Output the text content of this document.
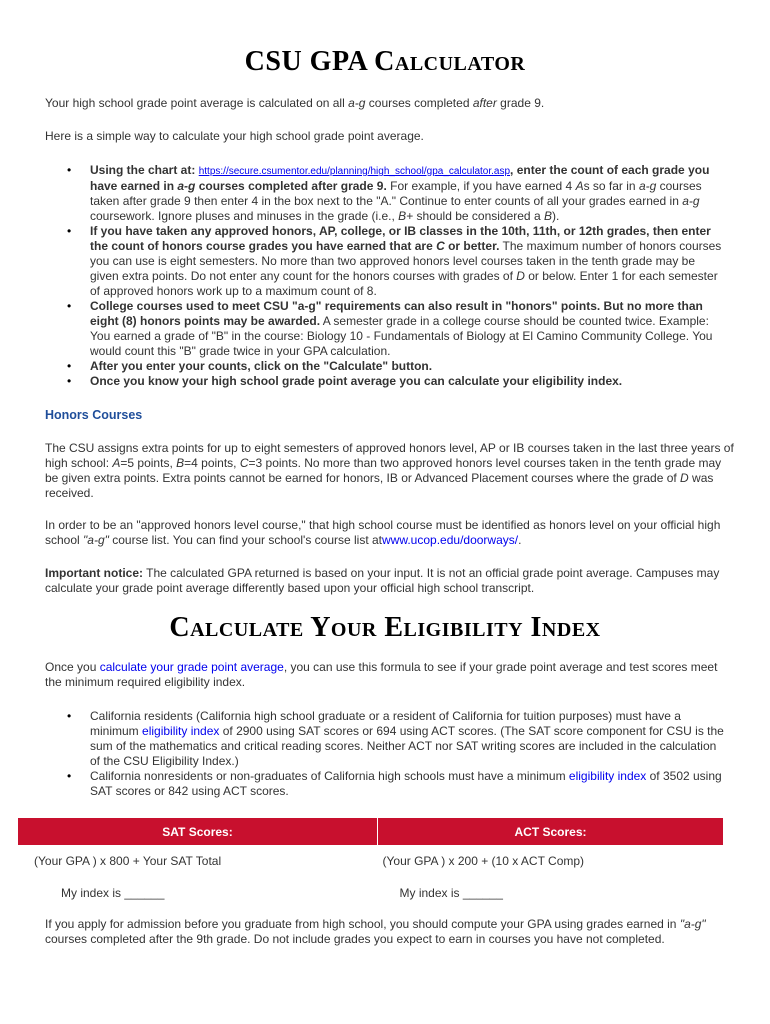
CSU GPA Calculator

Your high school grade point average is calculated on all a-g courses completed after grade 9.

Here is a simple way to calculate your high school grade point average.

• Using the chart at: https://secure.csumentor.edu/planning/high_school/gpa_calculator.asp, enter the count of each grade you have earned in a-g courses completed after grade 9. For example, if you have earned 4 As so far in a-g courses taken after grade 9 then enter 4 in the box next to the "A." Continue to enter counts of all your grades earned in a-g coursework. Ignore pluses and minuses in the grade (i.e., B+ should be considered a B).
• If you have taken any approved honors, AP, college, or IB classes in the 10th, 11th, or 12th grades, then enter the count of honors course grades you have earned that are C or better. The maximum number of honors courses you can use is eight semesters. No more than two approved honors level courses taken in the tenth grade may be given extra points. Do not enter any count for the honors courses with grades of D or below. Enter 1 for each semester of approved honors work up to a maximum count of 8.
• College courses used to meet CSU "a-g" requirements can also result in "honors" points. But no more than eight (8) honors points may be awarded. A semester grade in a college course should be counted twice. Example: You earned a grade of "B" in the course: Biology 10 - Fundamentals of Biology at El Camino Community College. You would count this "B" grade twice in your GPA calculation.
• After you enter your counts, click on the "Calculate" button.
• Once you know your high school grade point average you can calculate your eligibility index.
Honors Courses

The CSU assigns extra points for up to eight semesters of approved honors level, AP or IB courses taken in the last three years of high school: A=5 points, B=4 points, C=3 points. No more than two approved honors level courses taken in the tenth grade may be given extra points. Extra points cannot be earned for honors, IB or Advanced Placement courses where the grade of D was received.

In order to be an "approved honors level course," that high school course must be identified as honors level on your official high school "a-g" course list. You can find your school's course list atwww.ucop.edu/doorways/.

Important notice: The calculated GPA returned is based on your input. It is not an official grade point average. Campuses may calculate your grade point average differently based upon your official high school transcript.

Calculate Your Eligibility Index

Once you calculate your grade point average, you can use this formula to see if your grade point average and test scores meet the minimum required eligibility index.

• California residents (California high school graduate or a resident of California for tuition purposes) must have a minimum eligibility index of 2900 using SAT scores or 694 using ACT scores. (The SAT score component for CSU is the sum of the mathematics and critical reading scores. Neither ACT nor SAT writing scores are included in the calculation of the CSU Eligibility Index.)
• California nonresidents or non-graduates of California high schools must have a minimum eligibility index of 3502 using SAT scores or 842 using ACT scores.
SAT Scores:	ACT Scores:
(Your GPA ) x 800 + Your SAT Total	(Your GPA ) x 200 + (10 x ACT Comp)
My index is ______	My index is ______

If you apply for admission before you graduate from high school, you should compute your GPA using grades earned in "a-g" courses completed after the 9th grade. Do not include grades you expect to earn in courses you have not completed.
